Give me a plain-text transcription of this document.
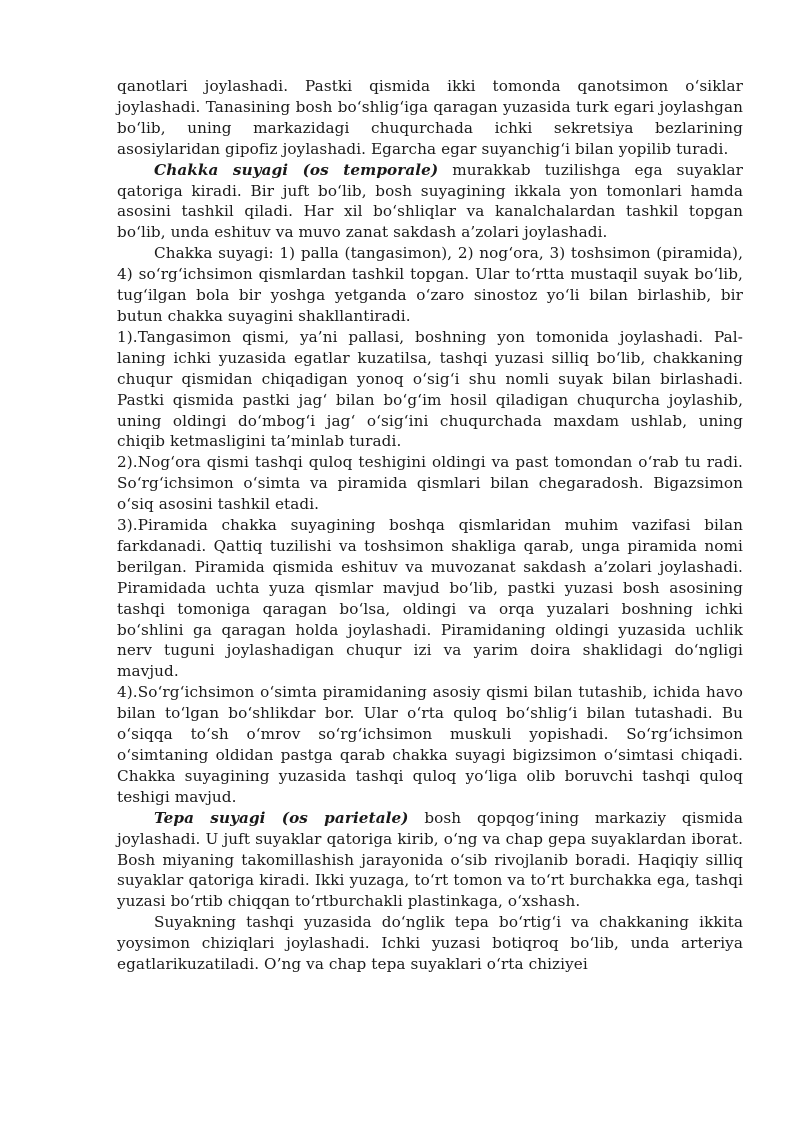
qanotlari joylashadi. Pastki qismida ikki tomonda qanotsimon o‘siklar joylashadi. Tanasining bosh bo‘shlig‘iga qaragan yuzasida turk egari joylashgan bo‘lib, uning markazidagi chuqurchada ichki sekretsiya bezlarining asosiylaridan gipofiz joylashadi. Egarcha egar suyanchig‘i bilan yopilib turadi.

Chakka suyagi (os temporale) murakkab tuzilishga ega suyaklar qatoriga kiradi. Bir juft bo‘lib, bosh suyagining ikkala yon tomonlari hamda asosini tashkil qiladi. Har xil bo‘shliqlar va kanalchalardan tashkil topgan bo‘lib, unda eshituv va muvo zanat sakdash a’zolari joylashadi.

Chakka suyagi: 1) palla (tangasimon), 2) nog‘ora, 3) toshsimon (piramida), 4) so‘rg‘ichsimon qismlardan tashkil topgan. Ular to‘rtta mustaqil suyak bo‘lib, tug‘ilgan bola bir yoshga yetganda o‘zaro sinostoz yo‘li bilan birlashib, bir butun chakka suyagini shakllantiradi.

1).Tangasimon qismi, ya’ni pallasi, boshning yon tomonida joylashadi. Pal-laning ichki yuzasida egatlar kuzatilsa, tashqi yuzasi silliq bo‘lib, chakkaning chuqur qismidan chiqadigan yonoq o‘sig‘i shu nomli suyak bilan birlashadi. Pastki qismida pastki jag‘ bilan bo‘g‘im hosil qiladigan chuqurcha joylashib, uning oldingi do‘mbog‘i jag‘ o‘sig‘ini chuqurchada maxdam ushlab, uning chiqib ketmasligini ta’minlab turadi.

2).Nog‘ora qismi tashqi quloq teshigini oldingi va past tomondan o‘rab tu radi. So‘rg‘ichsimon o‘simta va piramida qismlari bilan chegaradosh. Bigazsimon o‘siq asosini tashkil etadi.

3).Piramida chakka suyagining boshqa qismlaridan muhim vazifasi bilan farkdanadi. Qattiq tuzilishi va toshsimon shakliga qarab, unga piramida nomi berilgan. Piramida qismida eshituv va muvozanat sakdash a’zolari joylashadi. Piramidada uchta yuza qismlar mavjud bo‘lib, pastki yuzasi bosh asosining tashqi tomoniga qaragan bo‘lsa, oldingi va orqa yuzalari boshning ichki bo‘shlini ga qaragan holda joylashadi. Piramidaning oldingi yuzasida uchlik nerv tuguni joylashadigan chuqur izi va yarim doira shaklidagi do‘ngligi mavjud.

4).So‘rg‘ichsimon o‘simta piramidaning asosiy qismi bilan tutashib, ichida havo bilan to‘lgan bo‘shlikdar bor. Ular o‘rta quloq bo‘shlig‘i bilan tutashadi. Bu o‘siqqa to‘sh o‘mrov so‘rg‘ichsimon muskuli yopishadi. So‘rg‘ichsimon o‘simtaning oldidan pastga qarab chakka suyagi bigizsimon o‘simtasi chiqadi. Chakka suyagining yuzasida tashqi quloq yo‘liga olib boruvchi tashqi quloq teshigi mavjud.

Tepa suyagi (os parietale) bosh qopqog‘ining markaziy qismida joylashadi. U juft suyaklar qatoriga kirib, o‘ng va chap gepa suyaklardan iborat. Bosh miyaning takomillashish jarayonida o‘sib rivojlanib boradi. Haqiqiy silliq suyaklar qatoriga kiradi. Ikki yuzaga, to‘rt tomon va to‘rt burchakka ega, tashqi yuzasi bo‘rtib chiqqan to‘rtburchakli plastinkaga, o‘xshash.

Suyakning tashqi yuzasida do‘nglik tepa bo‘rtig‘i va chakkaning ikkita yoysimon chiziqlari joylashadi. Ichki yuzasi botiqroq bo‘lib, unda arteriya egatlarikuzatiladi. O’ng va chap tepa suyaklari o‘rta chiziyei
